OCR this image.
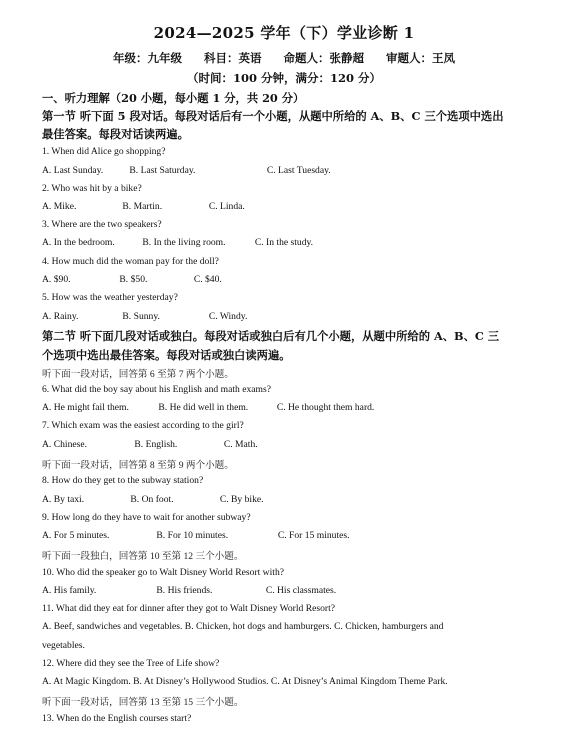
2024—2025 学年（下）学业诊断 1
年级：九年级 科目：英语 命题人：张静超 审题人：王凤
（时间：100 分钟，满分：120 分）
一、听力理解（20 小题，每小题 1 分，共 20 分）
第一节 听下面 5 段对话。每段对话后有一个小题，从题中所给的 A、B、C 三个选项中选出
最佳答案。每段对话读两遍。
1. When did Alice go shopping?
A. Last Sunday.	B. Last Saturday.	C. Last Tuesday.
2. Who was hit by a bike?
A. Mike.	B. Martin.	C. Linda.
3. Where are the two speakers?
A. In the bedroom.	B. In the living room.	C. In the study.
4. How much did the woman pay for the doll?
A. $90.	B. $50.	C. $40.
5. How was the weather yesterday?
A. Rainy.	B. Sunny.	C. Windy.
第二节 听下面几段对话或独白。每段对话或独白后有几个小题，从题中所给的 A、B、C 三
个选项中选出最佳答案。每段对话或独白读两遍。
听下面一段对话，回答第 6 至第 7 两个小题。
6. What did the boy say about his English and math exams?
A. He might fail them.	B. He did well in them.	C. He thought them hard.
7. Which exam was the easiest according to the girl?
A. Chinese.	B. English.	C. Math.
听下面一段对话，回答第 8 至第 9 两个小题。
8. How do they get to the subway station?
A. By taxi.	B. On foot.	C. By bike.
9. How long do they have to wait for another subway?
A. For 5 minutes.	B. For 10 minutes.	C. For 15 minutes.
听下面一段独白，回答第 10 至第 12 三个小题。
10. Who did the speaker go to Walt Disney World Resort with?
A. His family.	B. His friends.	C. His classmates.
11. What did they eat for dinner after they got to Walt Disney World Resort?
A. Beef, sandwiches and vegetables. B. Chicken, hot dogs and hamburgers. C. Chicken, hamburgers and
vegetables.
12. Where did they see the Tree of Life show?
A. At Magic Kingdom. B. At Disney’s Hollywood Studios. C. At Disney’s Animal Kingdom Theme Park.
听下面一段对话，回答第 13 至第 15 三个小题。
13. When do the English courses start?
